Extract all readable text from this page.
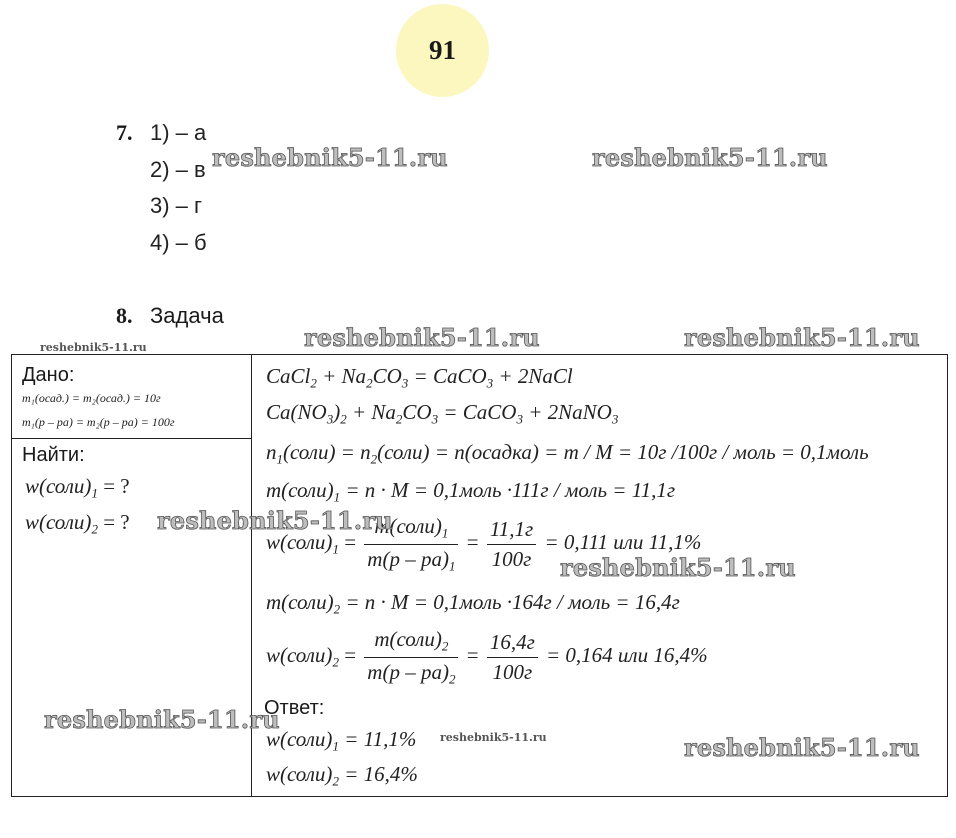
91
7. 1) – а
2) – в
3) – г
4) – б
8. Задача
Дано:
m₁(осад.) = m₂(осад.) = 10г
m₁(р – ра) = m₂(р – ра) = 100г
Найти:
$w(соли)_1$ = ?
$w(соли)_2$ = ?
CaCl$_2$ + $Na_2CO_3$ = CaCO$_3$ + 2NaCl
$Ca(NO_3)_2 + Na_2CO_3$ = CaCO$_3$ + 2NaNO$_3$
$n_1(соли)$ = $n_2(соли)$ = n(осадка) = m / M = 10г /100г / моль = 0,1моль
$m(соли)_1 = n \cdot M$ = 0,1моль ·111г / моль = 11,1г
$w(соли)_1 = \frac{m(соли)_1}{m(р - ра)_1} = \frac{11,1г}{100г} = 0,111$ или 11,1%
$m(соли)_2 = n \cdot M$ = 0,1моль ·164г / моль = 16,4г
$w(соли)_2 = \frac{m(соли)_2}{m(р - ра)_2} = \frac{16,4г}{100г} = 0,164$ или 16,4%
Ответ:
$w(соли)_1 = 11,1\%$
$w(соли)_2 = 16,4\%$
reshebnik5-11.ru	reshebnik5-11.ru
reshebnik5-11.ru	reshebnik5-11.ru
reshebnik5-11.ru
reshebnik5-11.ru
reshebnik5-11.ru
reshebnik5-11.ru
reshebnik5-11.ru	reshebnik5-11.ru
